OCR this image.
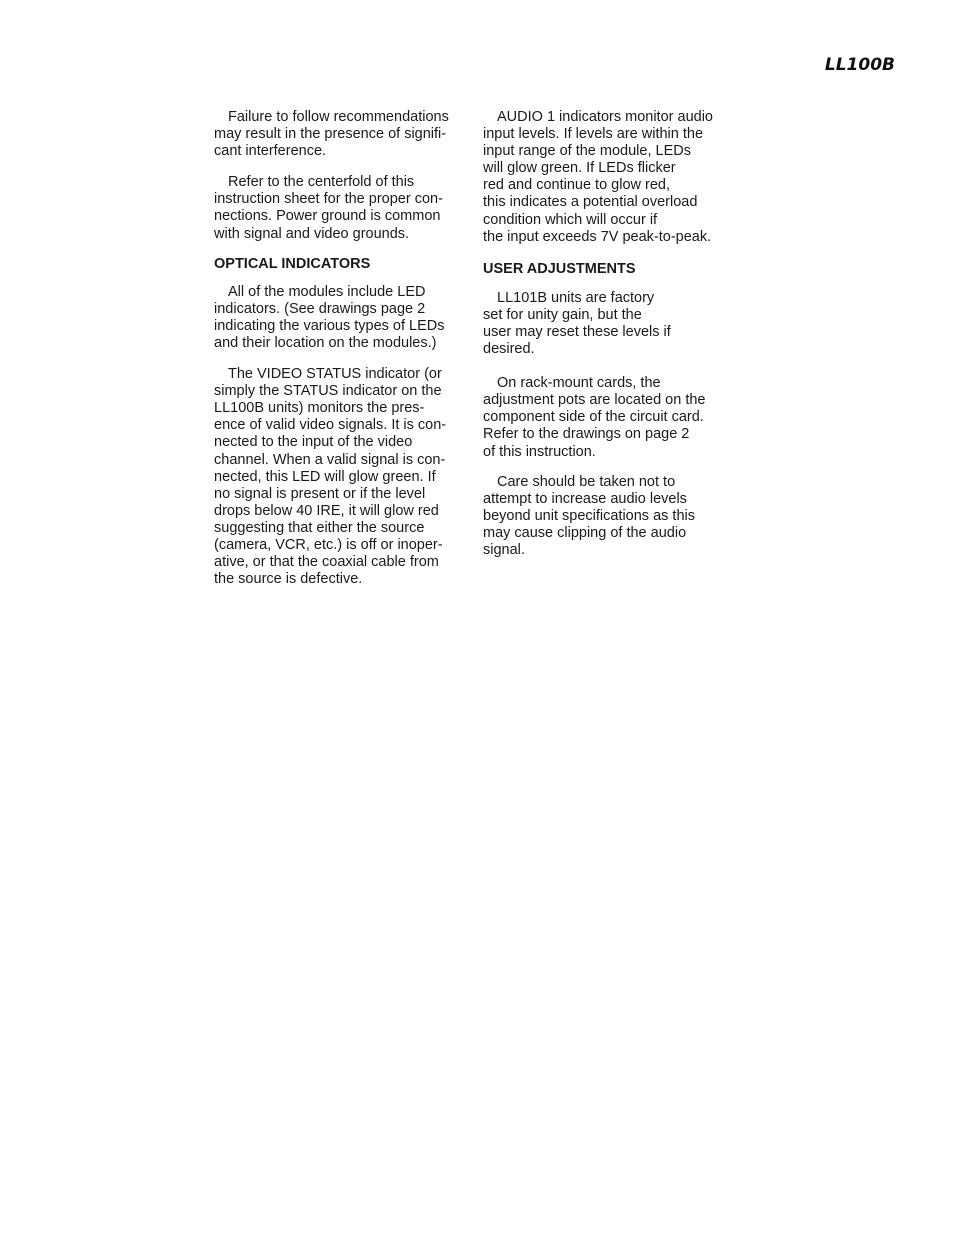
LL100B

Failure to follow recommendations
may result in the presence of signifi-
cant interference.

Refer to the centerfold of this
instruction sheet for the proper con-
nections. Power ground is common
with signal and video grounds.

OPTICAL INDICATORS

All of the modules include LED
indicators. (See drawings page 2
indicating the various types of LEDs
and their location on the modules.)

The VIDEO STATUS indicator (or
simply the STATUS indicator on the
LL100B units) monitors the pres-
ence of valid video signals. It is con-
nected to the input of the video
channel. When a valid signal is con-
nected, this LED will glow green. If
no signal is present or if the level
drops below 40 IRE, it will glow red
suggesting that either the source
(camera, VCR, etc.) is off or inoper-
ative, or that the coaxial cable from
the source is defective.

AUDIO 1 indicators monitor audio
input levels. If levels are within the
input range of the module, LEDs
will glow green. If LEDs flicker
red and continue to glow red,
this indicates a potential overload
condition which will occur if
the input exceeds 7V peak-to-peak.

USER ADJUSTMENTS

LL101B units are factory
set for unity gain, but the
user may reset these levels if
desired.

On rack-mount cards, the
adjustment pots are located on the
component side of the circuit card.
Refer to the drawings on page 2
of this instruction.

Care should be taken not to
attempt to increase audio levels
beyond unit specifications as this
may cause clipping of the audio
signal.
